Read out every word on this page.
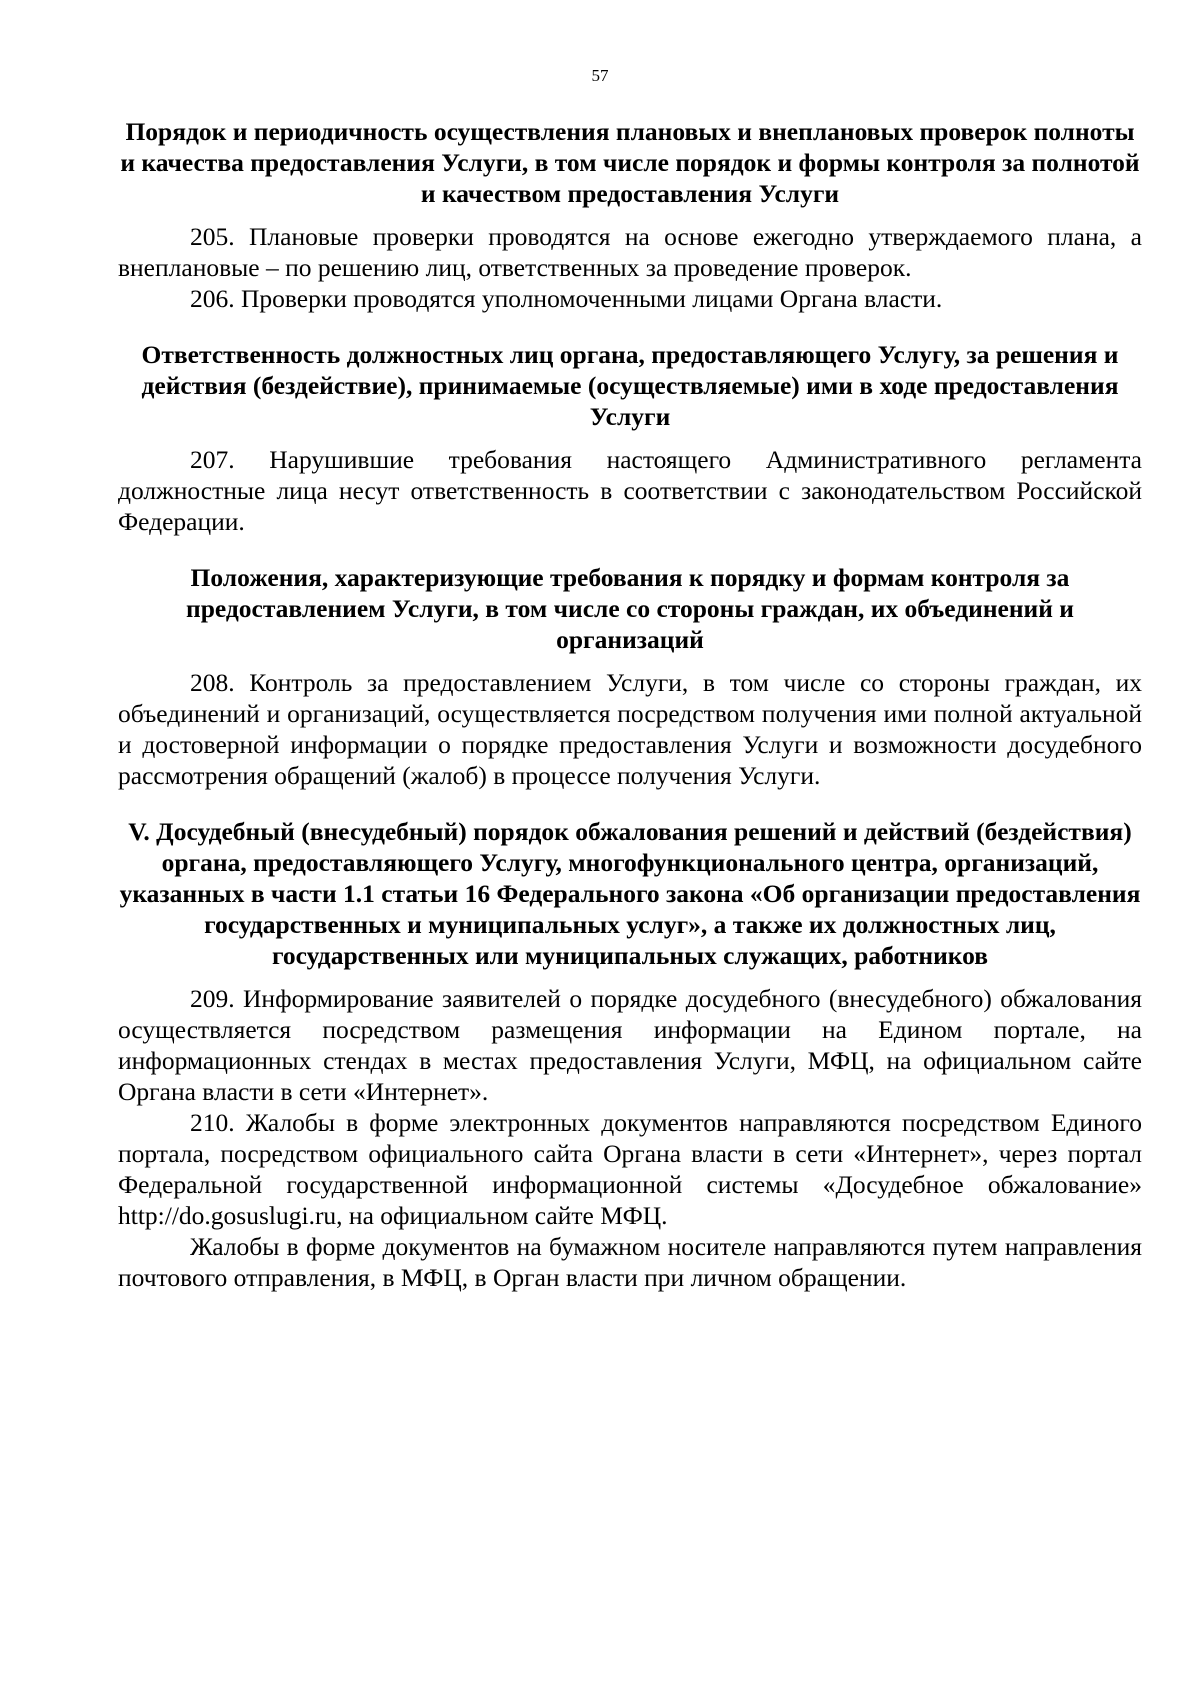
57

Порядок и периодичность осуществления плановых и внеплановых проверок полноты и качества предоставления Услуги, в том числе порядок и формы контроля за полнотой и качеством предоставления Услуги

205. Плановые проверки проводятся на основе ежегодно утверждаемого плана, а внеплановые – по решению лиц, ответственных за проведение проверок.

206. Проверки проводятся уполномоченными лицами Органа власти.

Ответственность должностных лиц органа, предоставляющего Услугу, за решения и действия (бездействие), принимаемые (осуществляемые) ими в ходе предоставления Услуги

207. Нарушившие требования настоящего Административного регламента должностные лица несут ответственность в соответствии с законодательством Российской Федерации.

Положения, характеризующие требования к порядку и формам контроля за предоставлением Услуги, в том числе со стороны граждан, их объединений и организаций

208. Контроль за предоставлением Услуги, в том числе со стороны граждан, их объединений и организаций, осуществляется посредством получения ими полной актуальной и достоверной информации о порядке предоставления Услуги и возможности досудебного рассмотрения обращений (жалоб) в процессе получения Услуги.

V. Досудебный (внесудебный) порядок обжалования решений и действий (бездействия) органа, предоставляющего Услугу, многофункционального центра, организаций, указанных в части 1.1 статьи 16 Федерального закона «Об организации предоставления государственных и муниципальных услуг», а также их должностных лиц, государственных или муниципальных служащих, работников

209. Информирование заявителей о порядке досудебного (внесудебного) обжалования осуществляется посредством размещения информации на Едином портале, на информационных стендах в местах предоставления Услуги, МФЦ, на официальном сайте Органа власти в сети «Интернет».

210. Жалобы в форме электронных документов направляются посредством Единого портала, посредством официального сайта Органа власти в сети «Интернет», через портал Федеральной государственной информационной системы «Досудебное обжалование» http://do.gosuslugi.ru, на официальном сайте МФЦ.

Жалобы в форме документов на бумажном носителе направляются путем направления почтового отправления, в МФЦ, в Орган власти при личном обращении.
